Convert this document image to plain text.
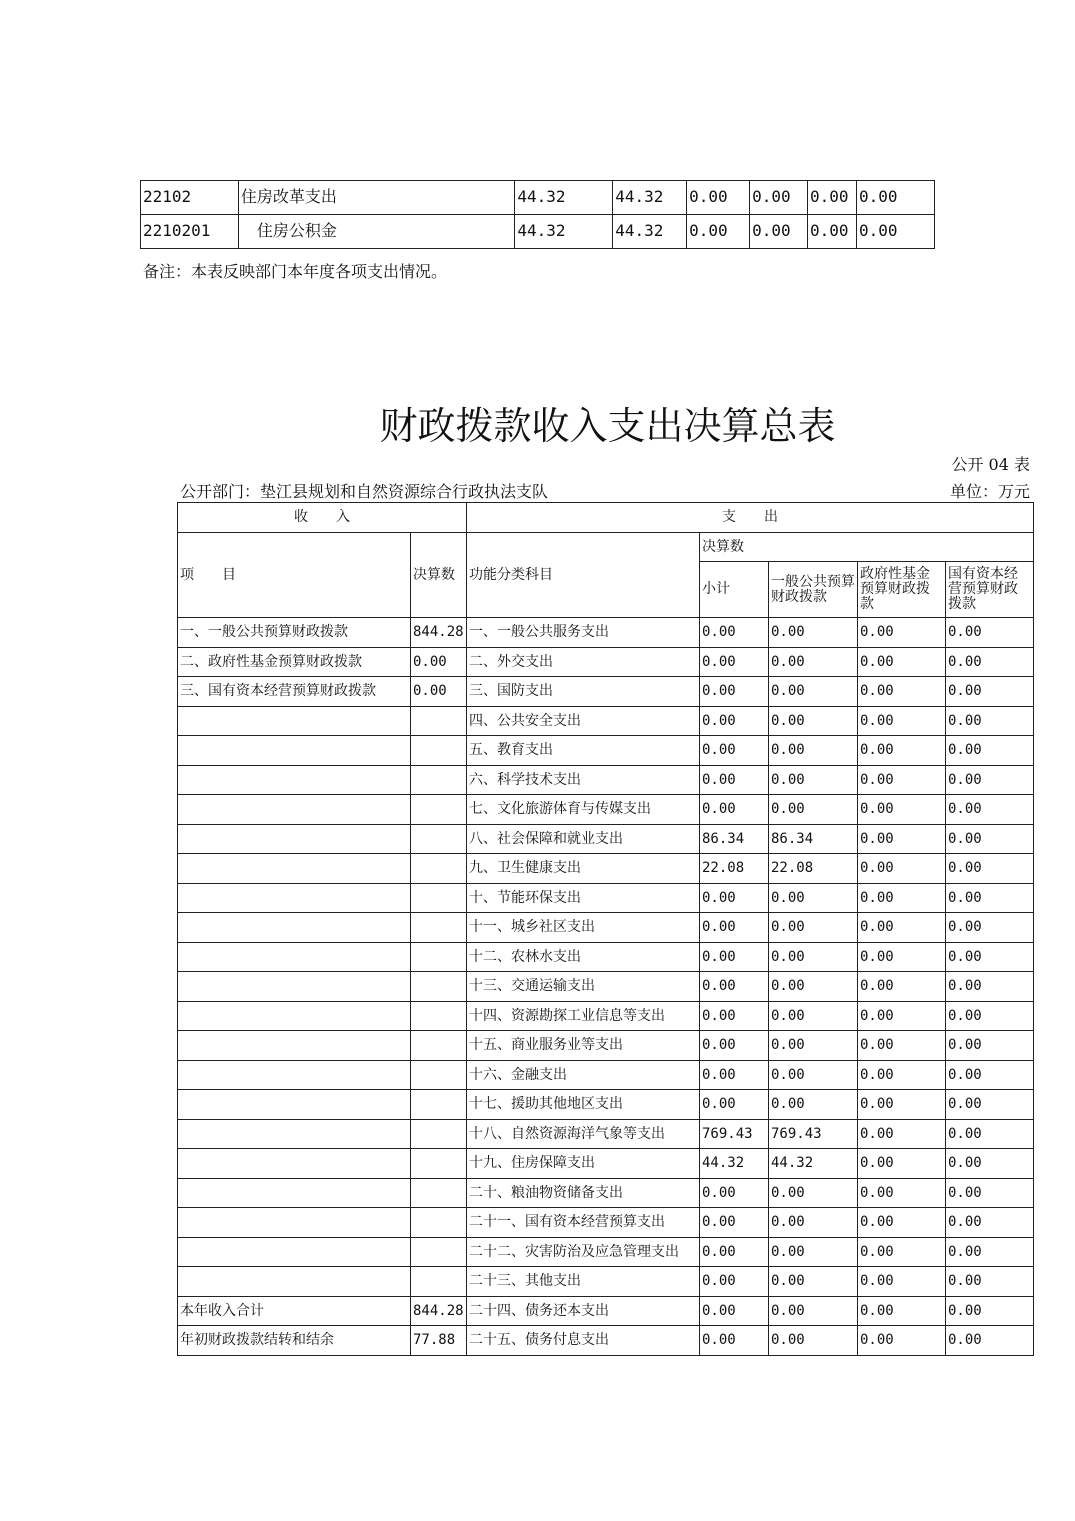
22102	住房改革支出	44.32	44.32	0.00	0.00	0.00	0.00
2210201	住房公积金	44.32	44.32	0.00	0.00	0.00	0.00
备注：本表反映部门本年度各项支出情况。
财政拨款收入支出决算总表
公开 04 表
公开部门：垫江县规划和自然资源综合行政执法支队	单位：万元
收　　入		支　　出				
项　　目	决算数	功能分类科目	决算数			
			小计	一般公共预算财政拨款	政府性基金预算财政拨款	国有资本经营预算财政拨款
一、一般公共预算财政拨款	844.28	一、一般公共服务支出	0.00	0.00	0.00	0.00
二、政府性基金预算财政拨款	0.00	二、外交支出	0.00	0.00	0.00	0.00
三、国有资本经营预算财政拨款	0.00	三、国防支出	0.00	0.00	0.00	0.00
		四、公共安全支出	0.00	0.00	0.00	0.00
		五、教育支出	0.00	0.00	0.00	0.00
		六、科学技术支出	0.00	0.00	0.00	0.00
		七、文化旅游体育与传媒支出	0.00	0.00	0.00	0.00
		八、社会保障和就业支出	86.34	86.34	0.00	0.00
		九、卫生健康支出	22.08	22.08	0.00	0.00
		十、节能环保支出	0.00	0.00	0.00	0.00
		十一、城乡社区支出	0.00	0.00	0.00	0.00
		十二、农林水支出	0.00	0.00	0.00	0.00
		十三、交通运输支出	0.00	0.00	0.00	0.00
		十四、资源勘探工业信息等支出	0.00	0.00	0.00	0.00
		十五、商业服务业等支出	0.00	0.00	0.00	0.00
		十六、金融支出	0.00	0.00	0.00	0.00
		十七、援助其他地区支出	0.00	0.00	0.00	0.00
		十八、自然资源海洋气象等支出	769.43	769.43	0.00	0.00
		十九、住房保障支出	44.32	44.32	0.00	0.00
		二十、粮油物资储备支出	0.00	0.00	0.00	0.00
		二十一、国有资本经营预算支出	0.00	0.00	0.00	0.00
		二十二、灾害防治及应急管理支出	0.00	0.00	0.00	0.00
		二十三、其他支出	0.00	0.00	0.00	0.00
本年收入合计	844.28	二十四、债务还本支出	0.00	0.00	0.00	0.00
年初财政拨款结转和结余	77.88	二十五、债务付息支出	0.00	0.00	0.00	0.00
